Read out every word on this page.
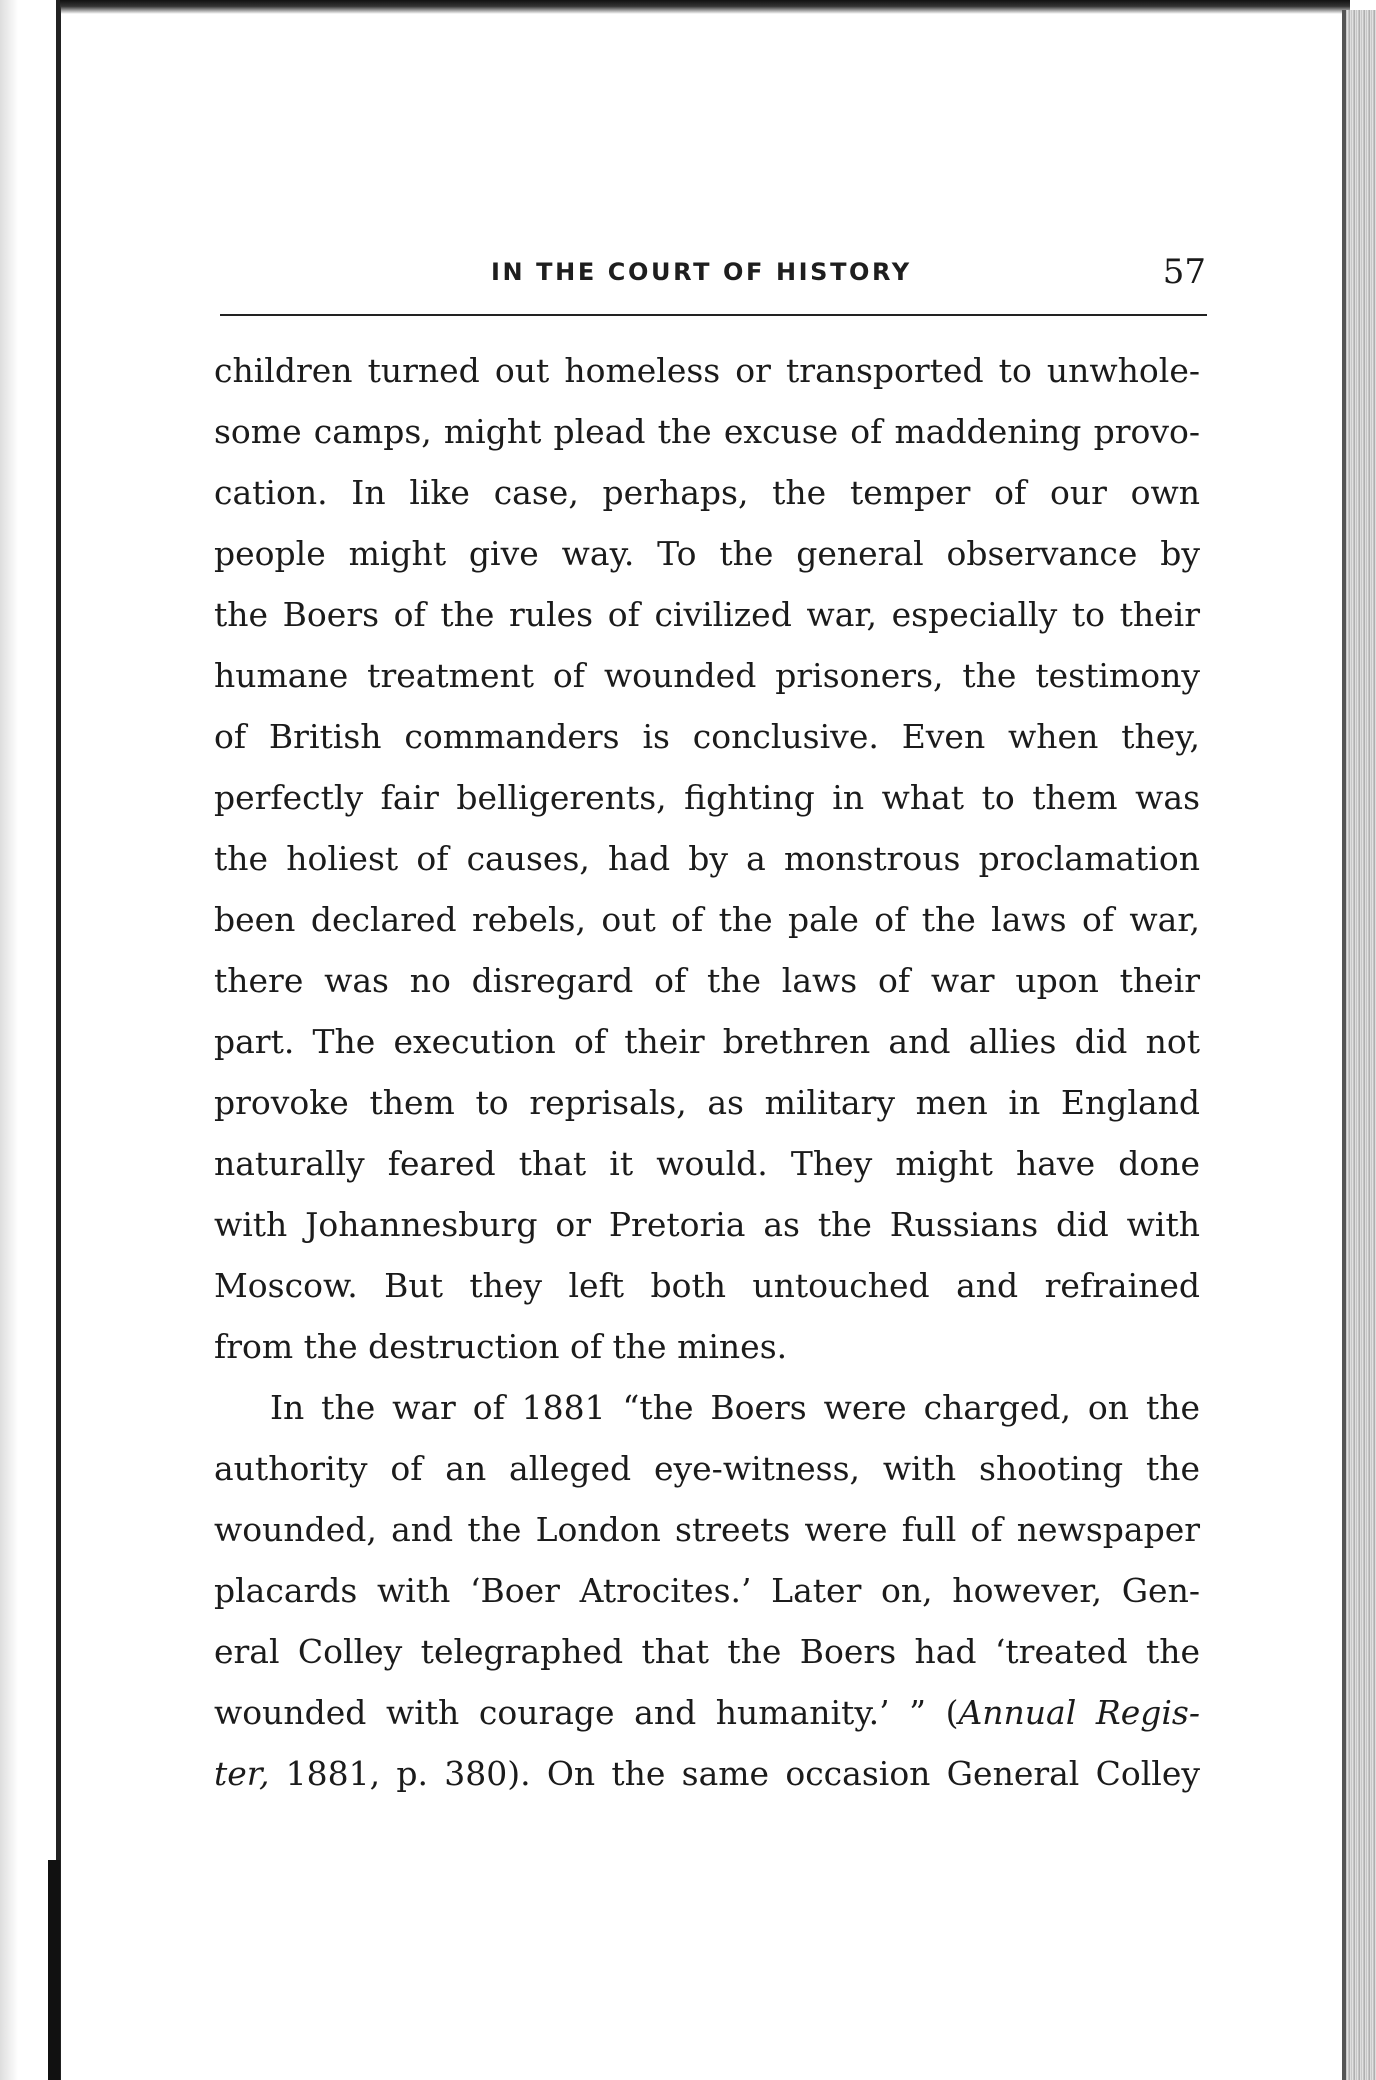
IN THE COURT OF HISTORY	57
children turned out homeless or transported to unwhole-
some camps, might plead the excuse of maddening provo-
cation. In like case, perhaps, the temper of our own
people might give way. To the general observance by
the Boers of the rules of civilized war, especially to their
humane treatment of wounded prisoners, the testimony
of British commanders is conclusive. Even when they,
perfectly fair belligerents, fighting in what to them was
the holiest of causes, had by a monstrous proclamation
been declared rebels, out of the pale of the laws of war,
there was no disregard of the laws of war upon their
part. The execution of their brethren and allies did not
provoke them to reprisals, as military men in England
naturally feared that it would. They might have done
with Johannesburg or Pretoria as the Russians did with
Moscow. But they left both untouched and refrained
from the destruction of the mines.
In the war of 1881 “the Boers were charged, on the
authority of an alleged eye-witness, with shooting the
wounded, and the London streets were full of newspaper
placards with ‘Boer Atrocites.’ Later on, however, Gen-
eral Colley telegraphed that the Boers had ‘treated the
wounded with courage and humanity.’ ” (Annual Regis-
ter, 1881, p. 380). On the same occasion General Colley
